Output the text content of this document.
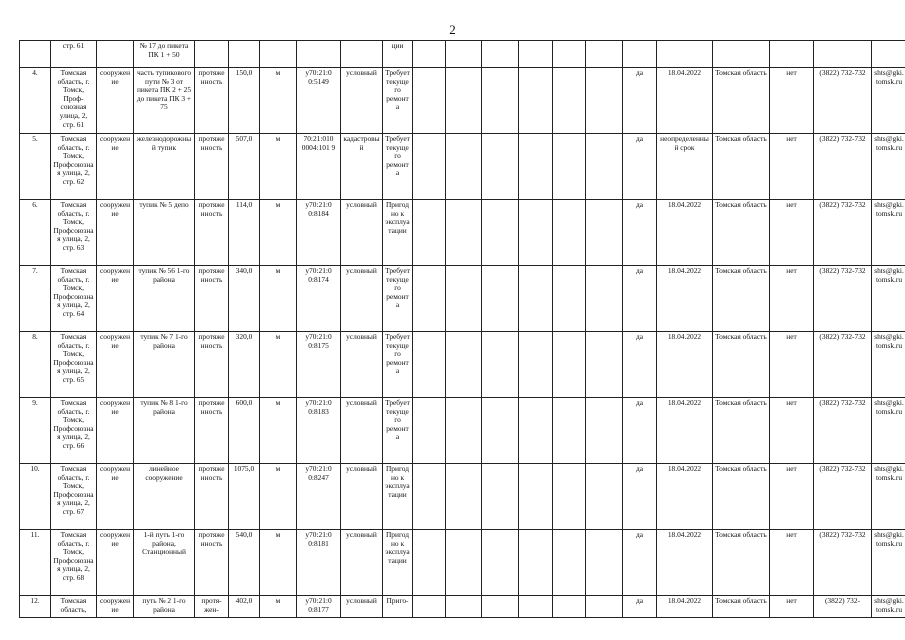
2
	стр. 61		№ 17 до пикета ПК 1 + 50						ции												
4.	Томская область, г. Томск, Проф-союзная улица, 2, стр. 61	сооружение	часть тупикового пути № 3 от пикета ПК 2 + 25 до пикета ПК 3 + 75	протяженность	150,0	м	у70:21:0 0:5149	условный	Требует текущего ремонта							да	18.04.2022	Томская область	нет	(3822) 732-732	shts@gki.tomsk.ru
5.	Томская область, г. Томск, Профсоюзная улица, 2, стр. 62	сооружение	железнодорожный тупик	протяженность	507,0	м	70:21:010 0004:101 9	кадастровый	Требует текущего ремонта							да	неопределенный срок	Томская область	нет	(3822) 732-732	shts@gki.tomsk.ru
6.	Томская область, г. Томск, Профсоюзная улица, 2, стр. 63	сооружение	тупик № 5 депо	протяженность	114,0	м	у70:21:0 0:8184	условный	Пригодно к эксплуатации							да	18.04.2022	Томская область	нет	(3822) 732-732	shts@gki.tomsk.ru
7.	Томская область, г. Томск, Профсоюзная улица, 2, стр. 64	сооружение	тупик № 56 1-го района	протяженность	340,0	м	у70:21:0 0:8174	условный	Требует текущего ремонта							да	18.04.2022	Томская область	нет	(3822) 732-732	shts@gki.tomsk.ru
8.	Томская область, г. Томск, Профсоюзная улица, 2, стр. 65	сооружение	тупик № 7 1-го района	протяженность	320,0	м	у70:21:0 0:8175	условный	Требует текущего ремонта							да	18.04.2022	Томская область	нет	(3822) 732-732	shts@gki.tomsk.ru
9.	Томская область, г. Томск, Профсоюзная улица, 2, стр. 66	сооружение	тупик № 8 1-го района	протяженность	600,0	м	у70:21:0 0:8183	условный	Требует текущего ремонта							да	18.04.2022	Томская область	нет	(3822) 732-732	shts@gki.tomsk.ru
10.	Томская область, г. Томск, Профсоюзная улица, 2, стр. 67	сооружение	линейное сооружение	протяженность	1075,0	м	у70:21:0 0:8247	условный	Пригодно к эксплуатации							да	18.04.2022	Томская область	нет	(3822) 732-732	shts@gki.tomsk.ru
11.	Томская область, г. Томск, Профсоюзная улица, 2, стр. 68	сооружение	1-й путь 1-го района, Станционный	протяженность	540,0	м	у70:21:0 0:8181	условный	Пригодно к эксплуатации							да	18.04.2022	Томская область	нет	(3822) 732-732	shts@gki.tomsk.ru
12.	Томская область,	сооружение	путь № 2 1-го района	протя-жен-	402,0	м	у70:21:0 0:8177	условный	Приго-							да	18.04.2022	Томская область	нет	(3822) 732-	shts@gki.tomsk.ru
